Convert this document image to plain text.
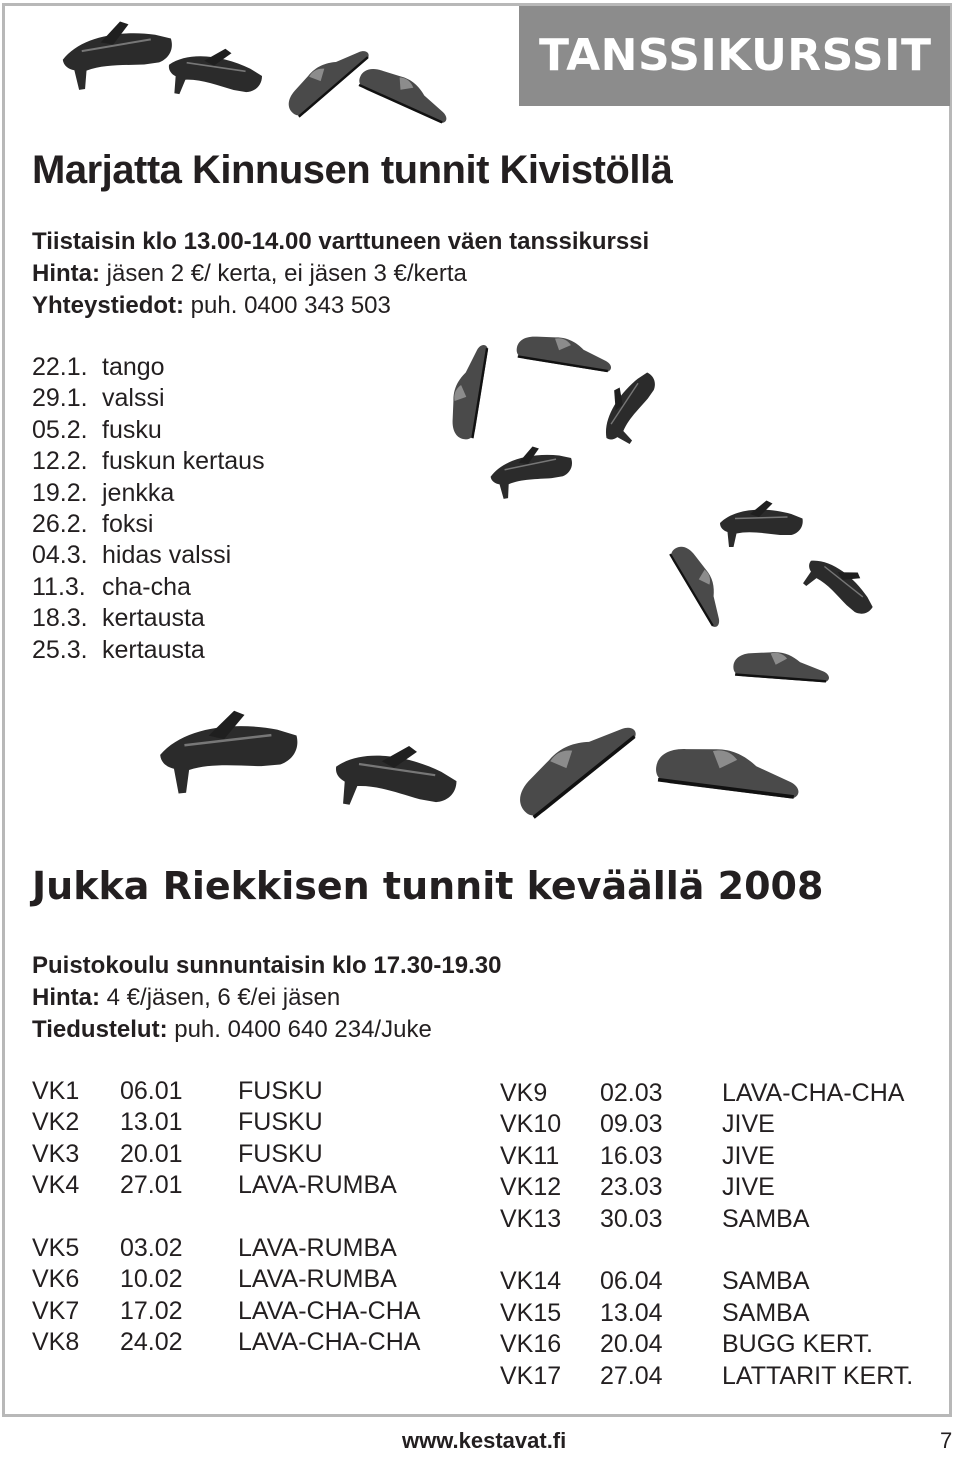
TANSSIKURSSIT
Marjatta Kinnusen tunnit Kivistöllä
Tiistaisin klo 13.00-14.00 varttuneen väen tanssikurssi
Hinta: jäsen 2 €/ kerta, ei jäsen 3 €/kerta
Yhteystiedot: puh. 0400 343 503
22.1. tango
29.1. valssi
05.2. fusku
12.2. fuskun kertaus
19.2. jenkka
26.2. foksi
04.3. hidas valssi
11.3. cha-cha
18.3. kertausta
25.3. kertausta
Jukka Riekkisen tunnit keväällä 2008
Puistokoulu sunnuntaisin klo 17.30-19.30
Hinta: 4 €/jäsen, 6 €/ei jäsen
Tiedustelut: puh. 0400 640 234/Juke
VK1 06.01 FUSKU
VK2 13.01 FUSKU
VK3 20.01 FUSKU
VK4 27.01 LAVA-RUMBA
VK5 03.02 LAVA-RUMBA
VK6 10.02 LAVA-RUMBA
VK7 17.02 LAVA-CHA-CHA
VK8 24.02 LAVA-CHA-CHA
VK9 02.03 LAVA-CHA-CHA
VK10 09.03 JIVE
VK11 16.03 JIVE
VK12 23.03 JIVE
VK13 30.03 SAMBA
VK14 06.04 SAMBA
VK15 13.04 SAMBA
VK16 20.04 BUGG KERT.
VK17 27.04 LATTARIT KERT.
www.kestavat.fi	7
